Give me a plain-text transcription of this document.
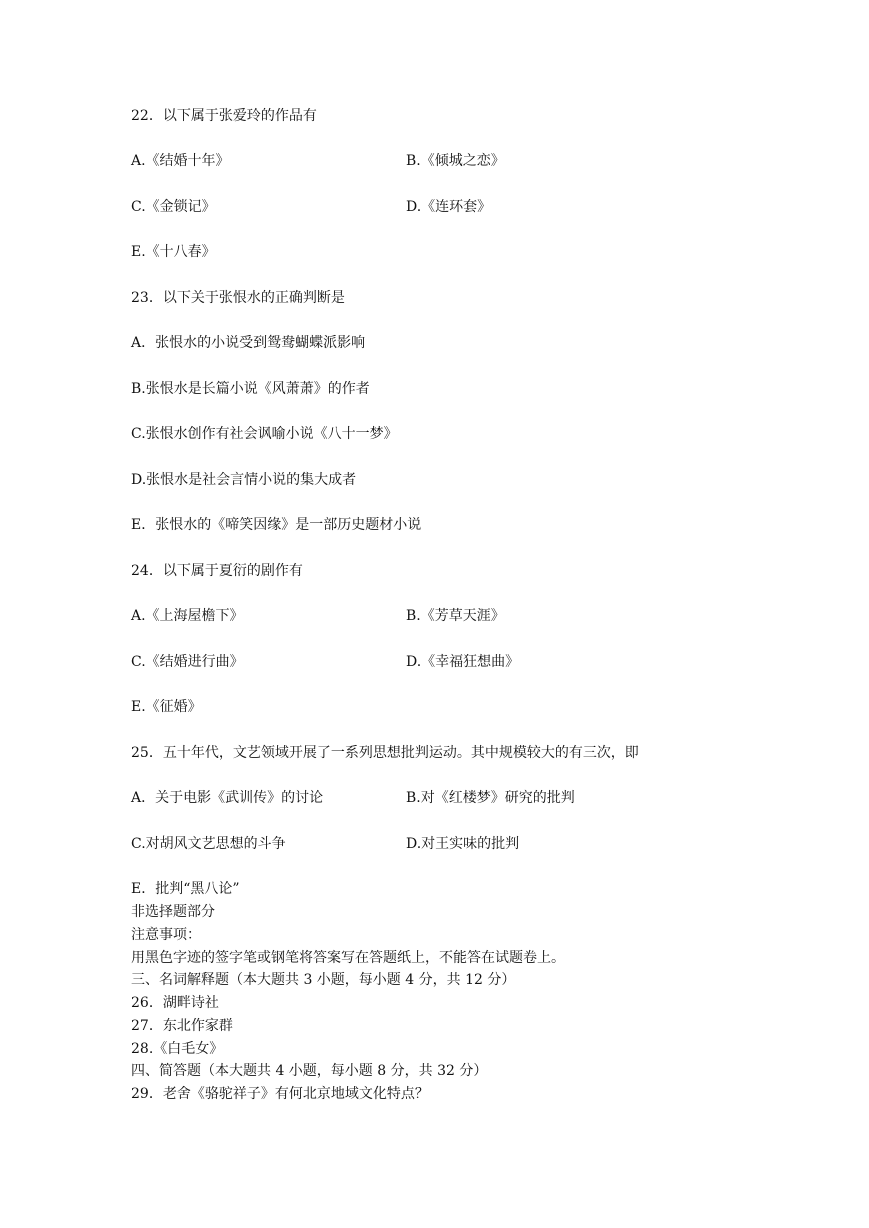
22．以下属于张爱玲的作品有
A.《结婚十年》	B.《倾城之恋》
C.《金锁记》	D.《连环套》
E.《十八春》
23．以下关于张恨水的正确判断是
A．张恨水的小说受到鸳鸯蝴蝶派影响
B.张恨水是长篇小说《风萧萧》的作者
C.张恨水创作有社会讽喻小说《八十一梦》
D.张恨水是社会言情小说的集大成者
E．张恨水的《啼笑因缘》是一部历史题材小说
24．以下属于夏衍的剧作有
A.《上海屋檐下》	B.《芳草天涯》
C.《结婚进行曲》	D.《幸福狂想曲》
E.《征婚》
25．五十年代，文艺领域开展了一系列思想批判运动。其中规模较大的有三次，即
A．关于电影《武训传》的讨论	B.对《红楼梦》研究的批判
C.对胡风文艺思想的斗争	D.对王实味的批判
E．批判“黑八论”
非选择题部分
注意事项：
用黑色字迹的签字笔或钢笔将答案写在答题纸上，不能答在试题卷上。
三、名词解释题（本大题共 3 小题，每小题 4 分，共 12 分）
26．湖畔诗社
27．东北作家群
28.《白毛女》
四、简答题（本大题共 4 小题，每小题 8 分，共 32 分）
29．老舍《骆驼祥子》有何北京地域文化特点？
